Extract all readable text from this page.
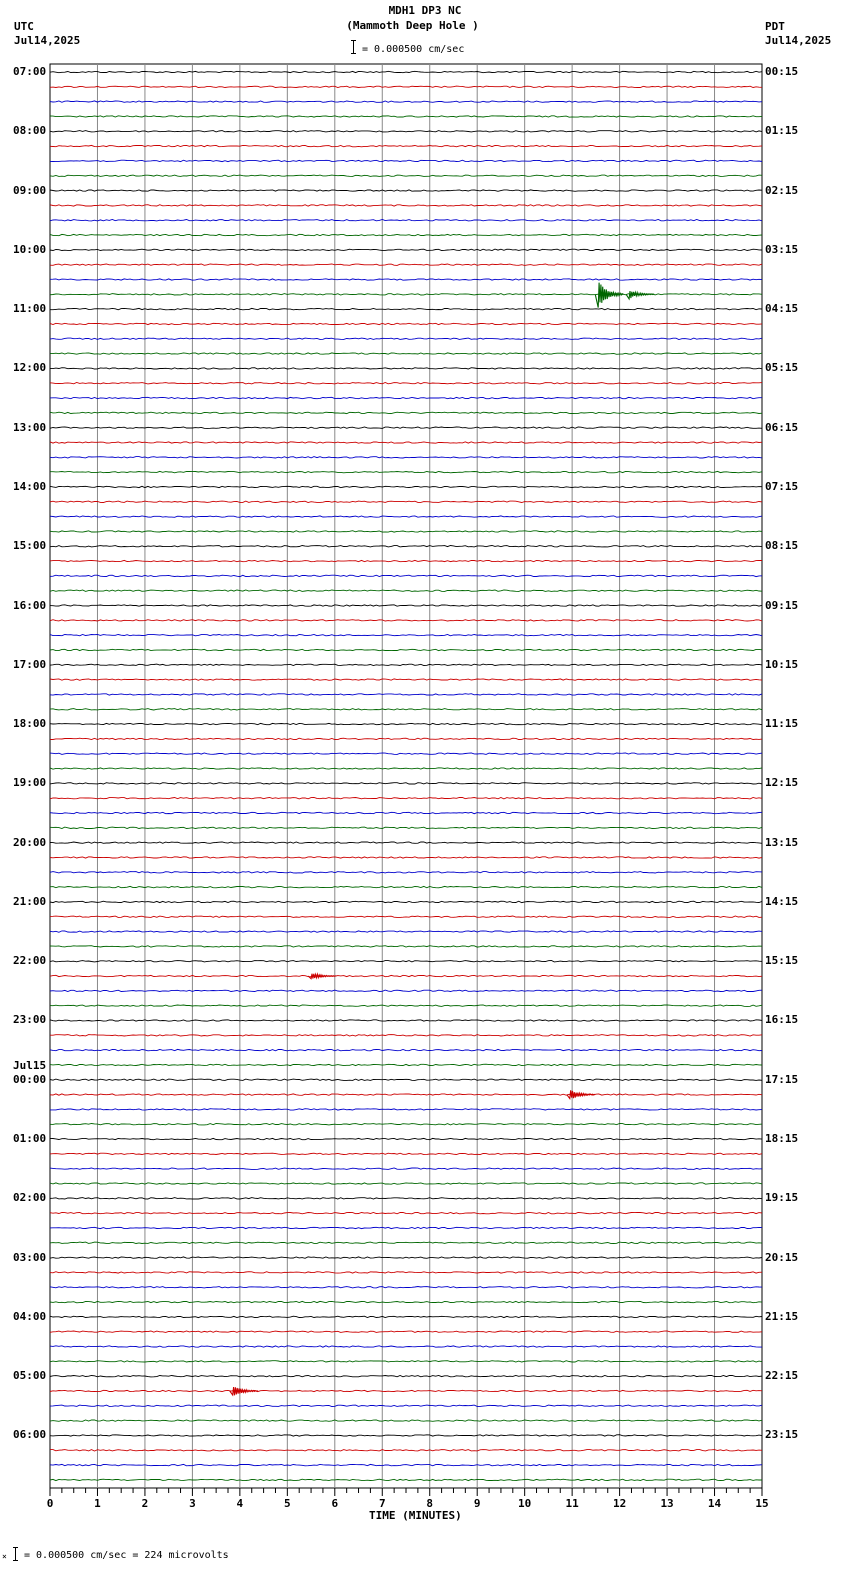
MDH1 DP3 NC
(Mammoth Deep Hole )
= 0.000500 cm/sec
UTC
Jul14,2025
PDT
Jul14,2025
0	1	2	3	4	5	6	7	8	9	10	11	12	13	14	15
07:00
08:00
09:00
10:00
11:00
12:00
13:00
14:00
15:00
16:00
17:00
18:00
19:00
20:00
21:00
22:00
23:00
00:00
Jul15
01:00
02:00
03:00
04:00
05:00
06:00
00:15
01:15
02:15
03:15
04:15
05:15
06:15
07:15
08:15
09:15
10:15
11:15
12:15
13:15
14:15
15:15
16:15
17:15
18:15
19:15
20:15
21:15
22:15
23:15
TIME (MINUTES)
× = 0.000500 cm/sec = 224 microvolts
